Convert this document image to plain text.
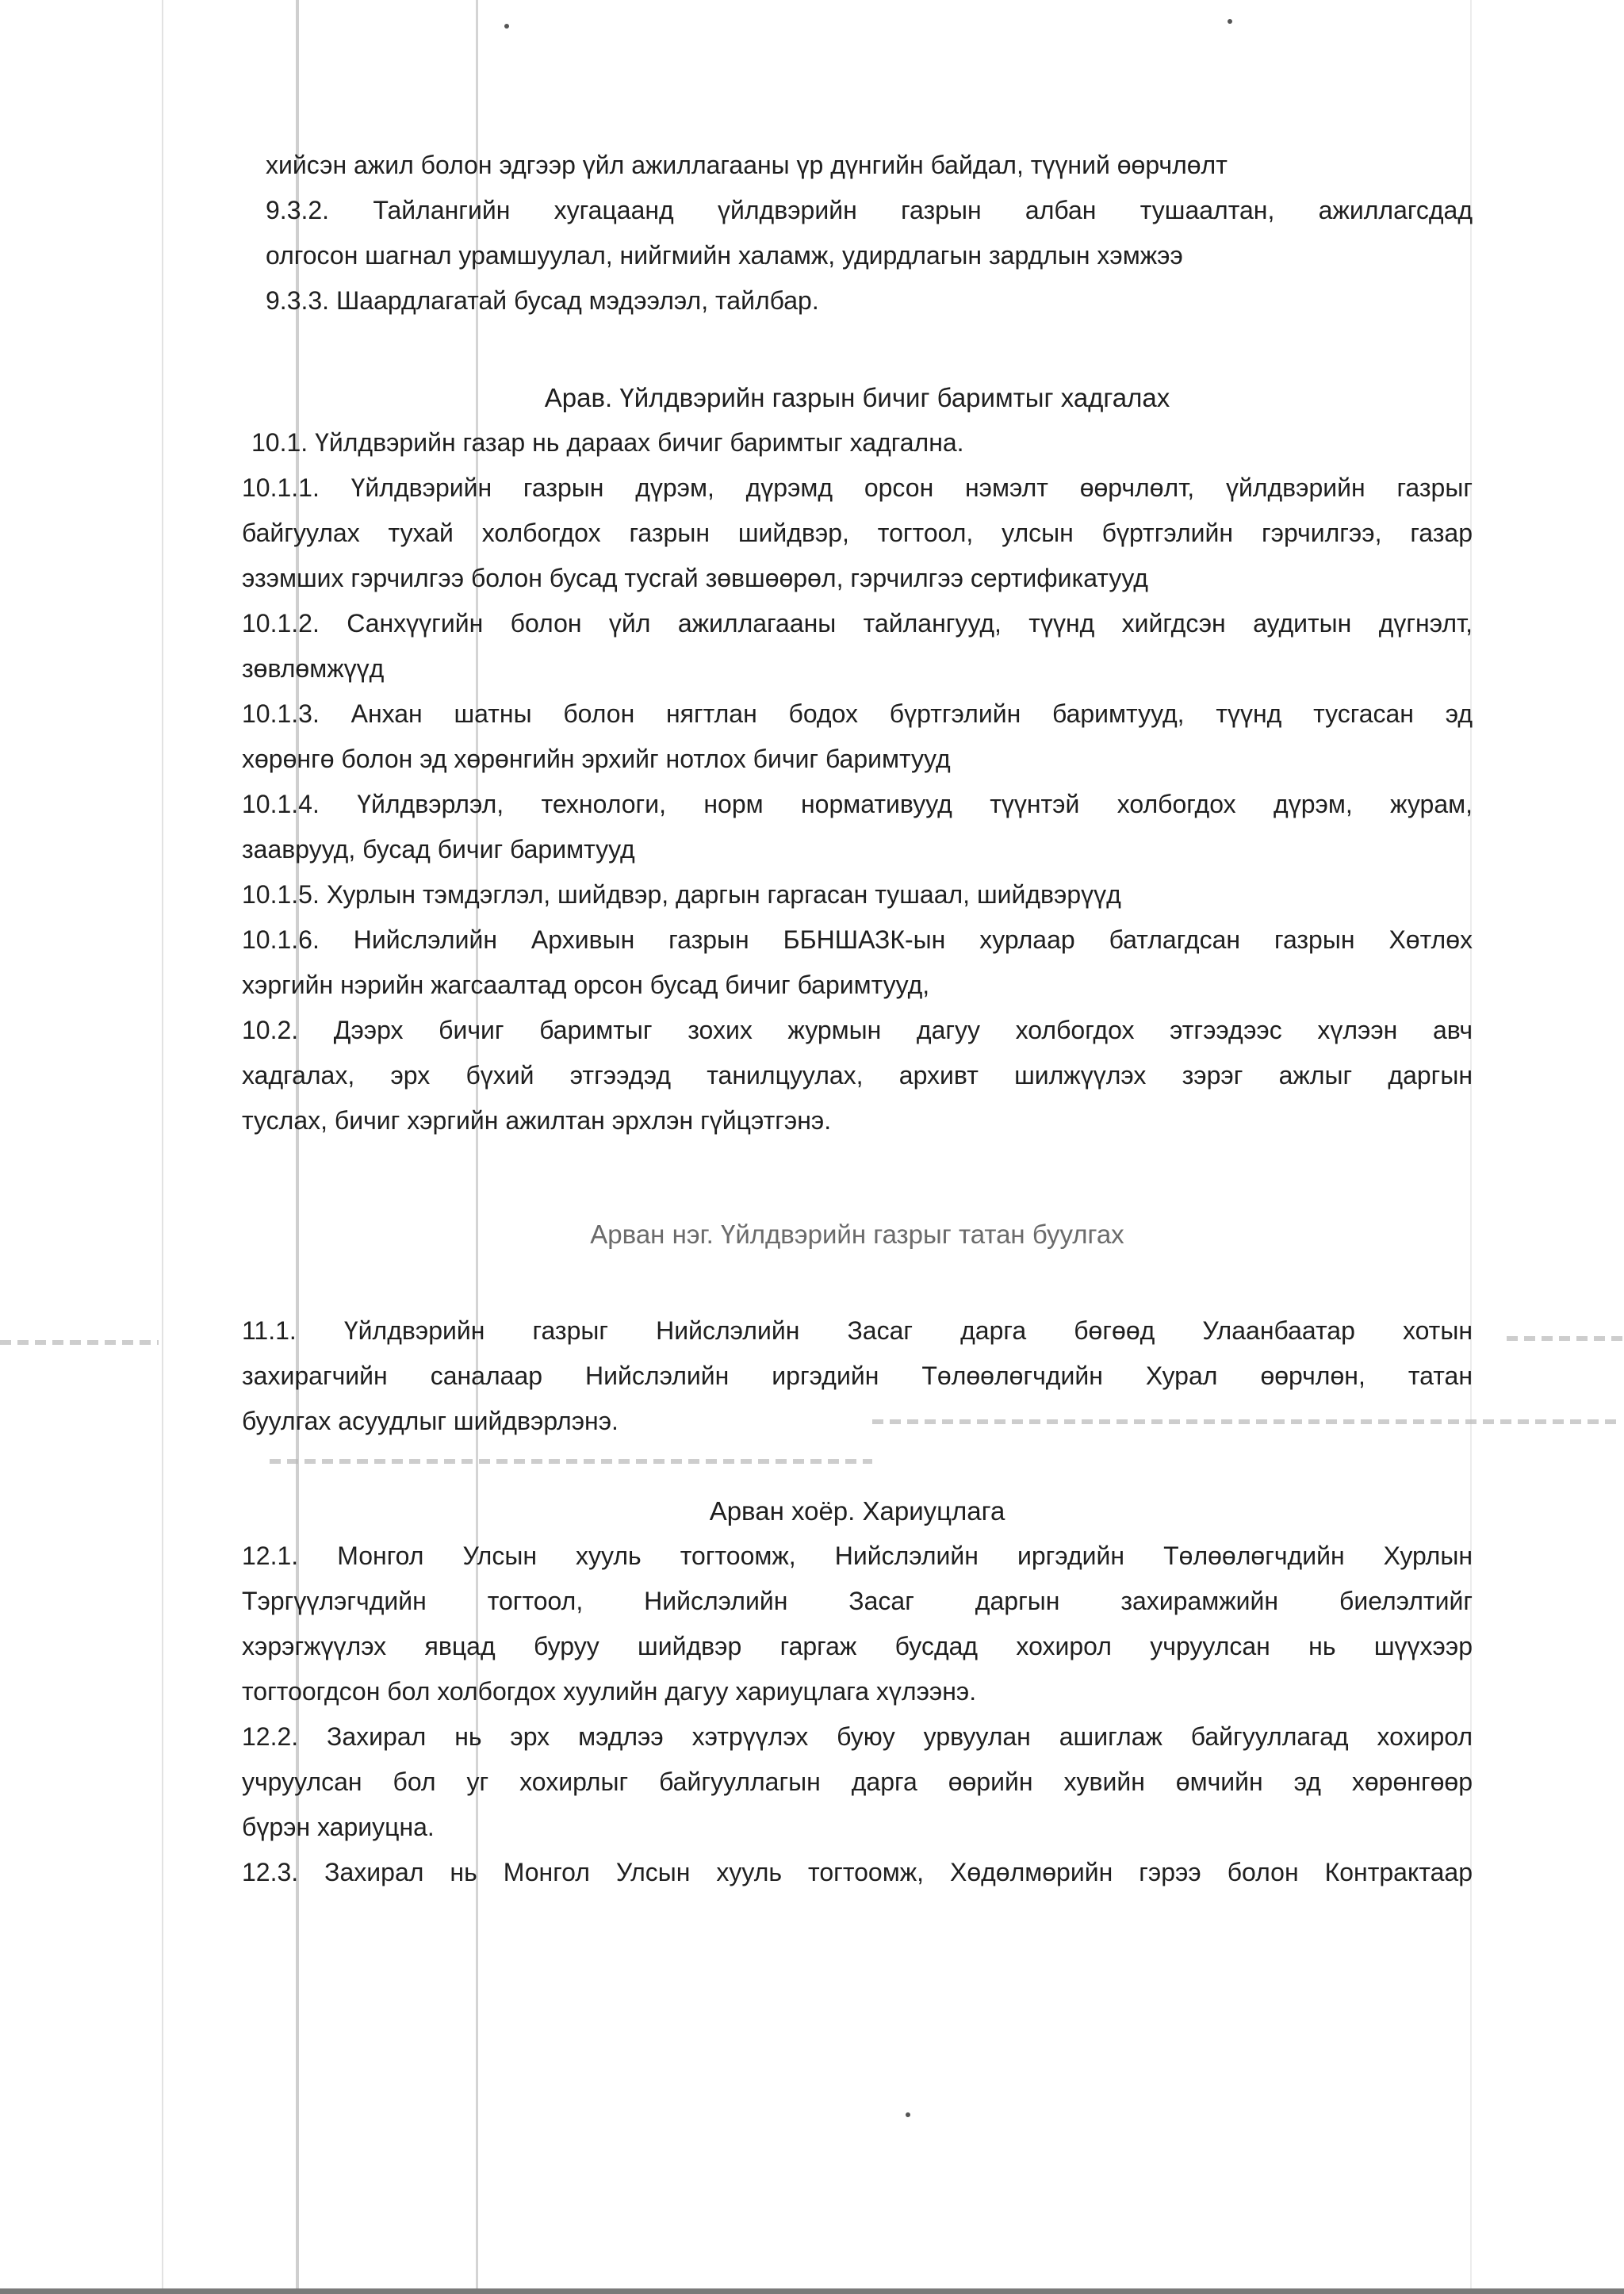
хийсэн ажил болон эдгээр үйл ажиллагааны үр дүнгийн байдал, түүний өөрчлөлт
9.3.2. Тайлангийн хугацаанд үйлдвэрийн газрын албан тушаалтан, ажиллагсдад
олгосон шагнал урамшуулал, нийгмийн халамж, удирдлагын зардлын хэмжээ
9.3.3. Шаардлагатай бусад мэдээлэл, тайлбар.
Арав. Үйлдвэрийн газрын бичиг баримтыг хадгалах
10.1. Үйлдвэрийн газар нь дараах бичиг баримтыг хадгална.
10.1.1. Үйлдвэрийн газрын дүрэм, дүрэмд орсон нэмэлт өөрчлөлт, үйлдвэрийн газрыг
байгуулах тухай холбогдох газрын шийдвэр, тогтоол, улсын бүртгэлийн гэрчилгээ, газар
эзэмших гэрчилгээ болон бусад тусгай зөвшөөрөл, гэрчилгээ сертификатууд
10.1.2. Санхүүгийн болон үйл ажиллагааны тайлангууд, түүнд хийгдсэн аудитын дүгнэлт,
зөвлөмжүүд
10.1.3. Анхан шатны болон нягтлан бодох бүртгэлийн баримтууд, түүнд тусгасан эд
хөрөнгө болон эд хөрөнгийн эрхийг нотлох бичиг баримтууд
10.1.4. Үйлдвэрлэл, технологи, норм нормативууд түүнтэй холбогдох дүрэм, журам,
зааврууд, бусад бичиг баримтууд
10.1.5. Хурлын тэмдэглэл, шийдвэр, даргын гаргасан тушаал, шийдвэрүүд
10.1.6. Нийслэлийн Архивын газрын ББНШАЗК-ын хурлаар батлагдсан газрын Хөтлөх
хэргийн нэрийн жагсаалтад орсон бусад бичиг баримтууд,
10.2. Дээрх бичиг баримтыг зохих журмын дагуу холбогдох этгээдээс хүлээн авч
хадгалах, эрх бүхий этгээдэд танилцуулах, архивт шилжүүлэх зэрэг ажлыг даргын
туслах, бичиг хэргийн ажилтан эрхлэн гүйцэтгэнэ.
Арван нэг. Үйлдвэрийн газрыг татан буулгах
11.1. Үйлдвэрийн газрыг Нийслэлийн Засаг дарга бөгөөд Улаанбаатар хотын
захирагчийн саналаар Нийслэлийн иргэдийн Төлөөлөгчдийн Хурал өөрчлөн, татан
буулгах асуудлыг шийдвэрлэнэ.
Арван хоёр. Хариуцлага
12.1. Монгол Улсын хууль тогтоомж, Нийслэлийн иргэдийн Төлөөлөгчдийн Хурлын
Тэргүүлэгчдийн тогтоол, Нийслэлийн Засаг даргын захирамжийн биелэлтийг
хэрэгжүүлэх явцад буруу шийдвэр гаргаж бусдад хохирол учруулсан нь шүүхээр
тогтоогдсон бол холбогдох хуулийн дагуу хариуцлага хүлээнэ.
12.2. Захирал нь эрх мэдлээ хэтрүүлэх буюу урвуулан ашиглаж байгууллагад хохирол
учруулсан бол уг хохирлыг байгууллагын дарга өөрийн хувийн өмчийн эд хөрөнгөөр
бүрэн хариуцна.
12.3. Захирал нь Монгол Улсын хууль тогтоомж, Хөдөлмөрийн гэрээ болон Контрактаар
